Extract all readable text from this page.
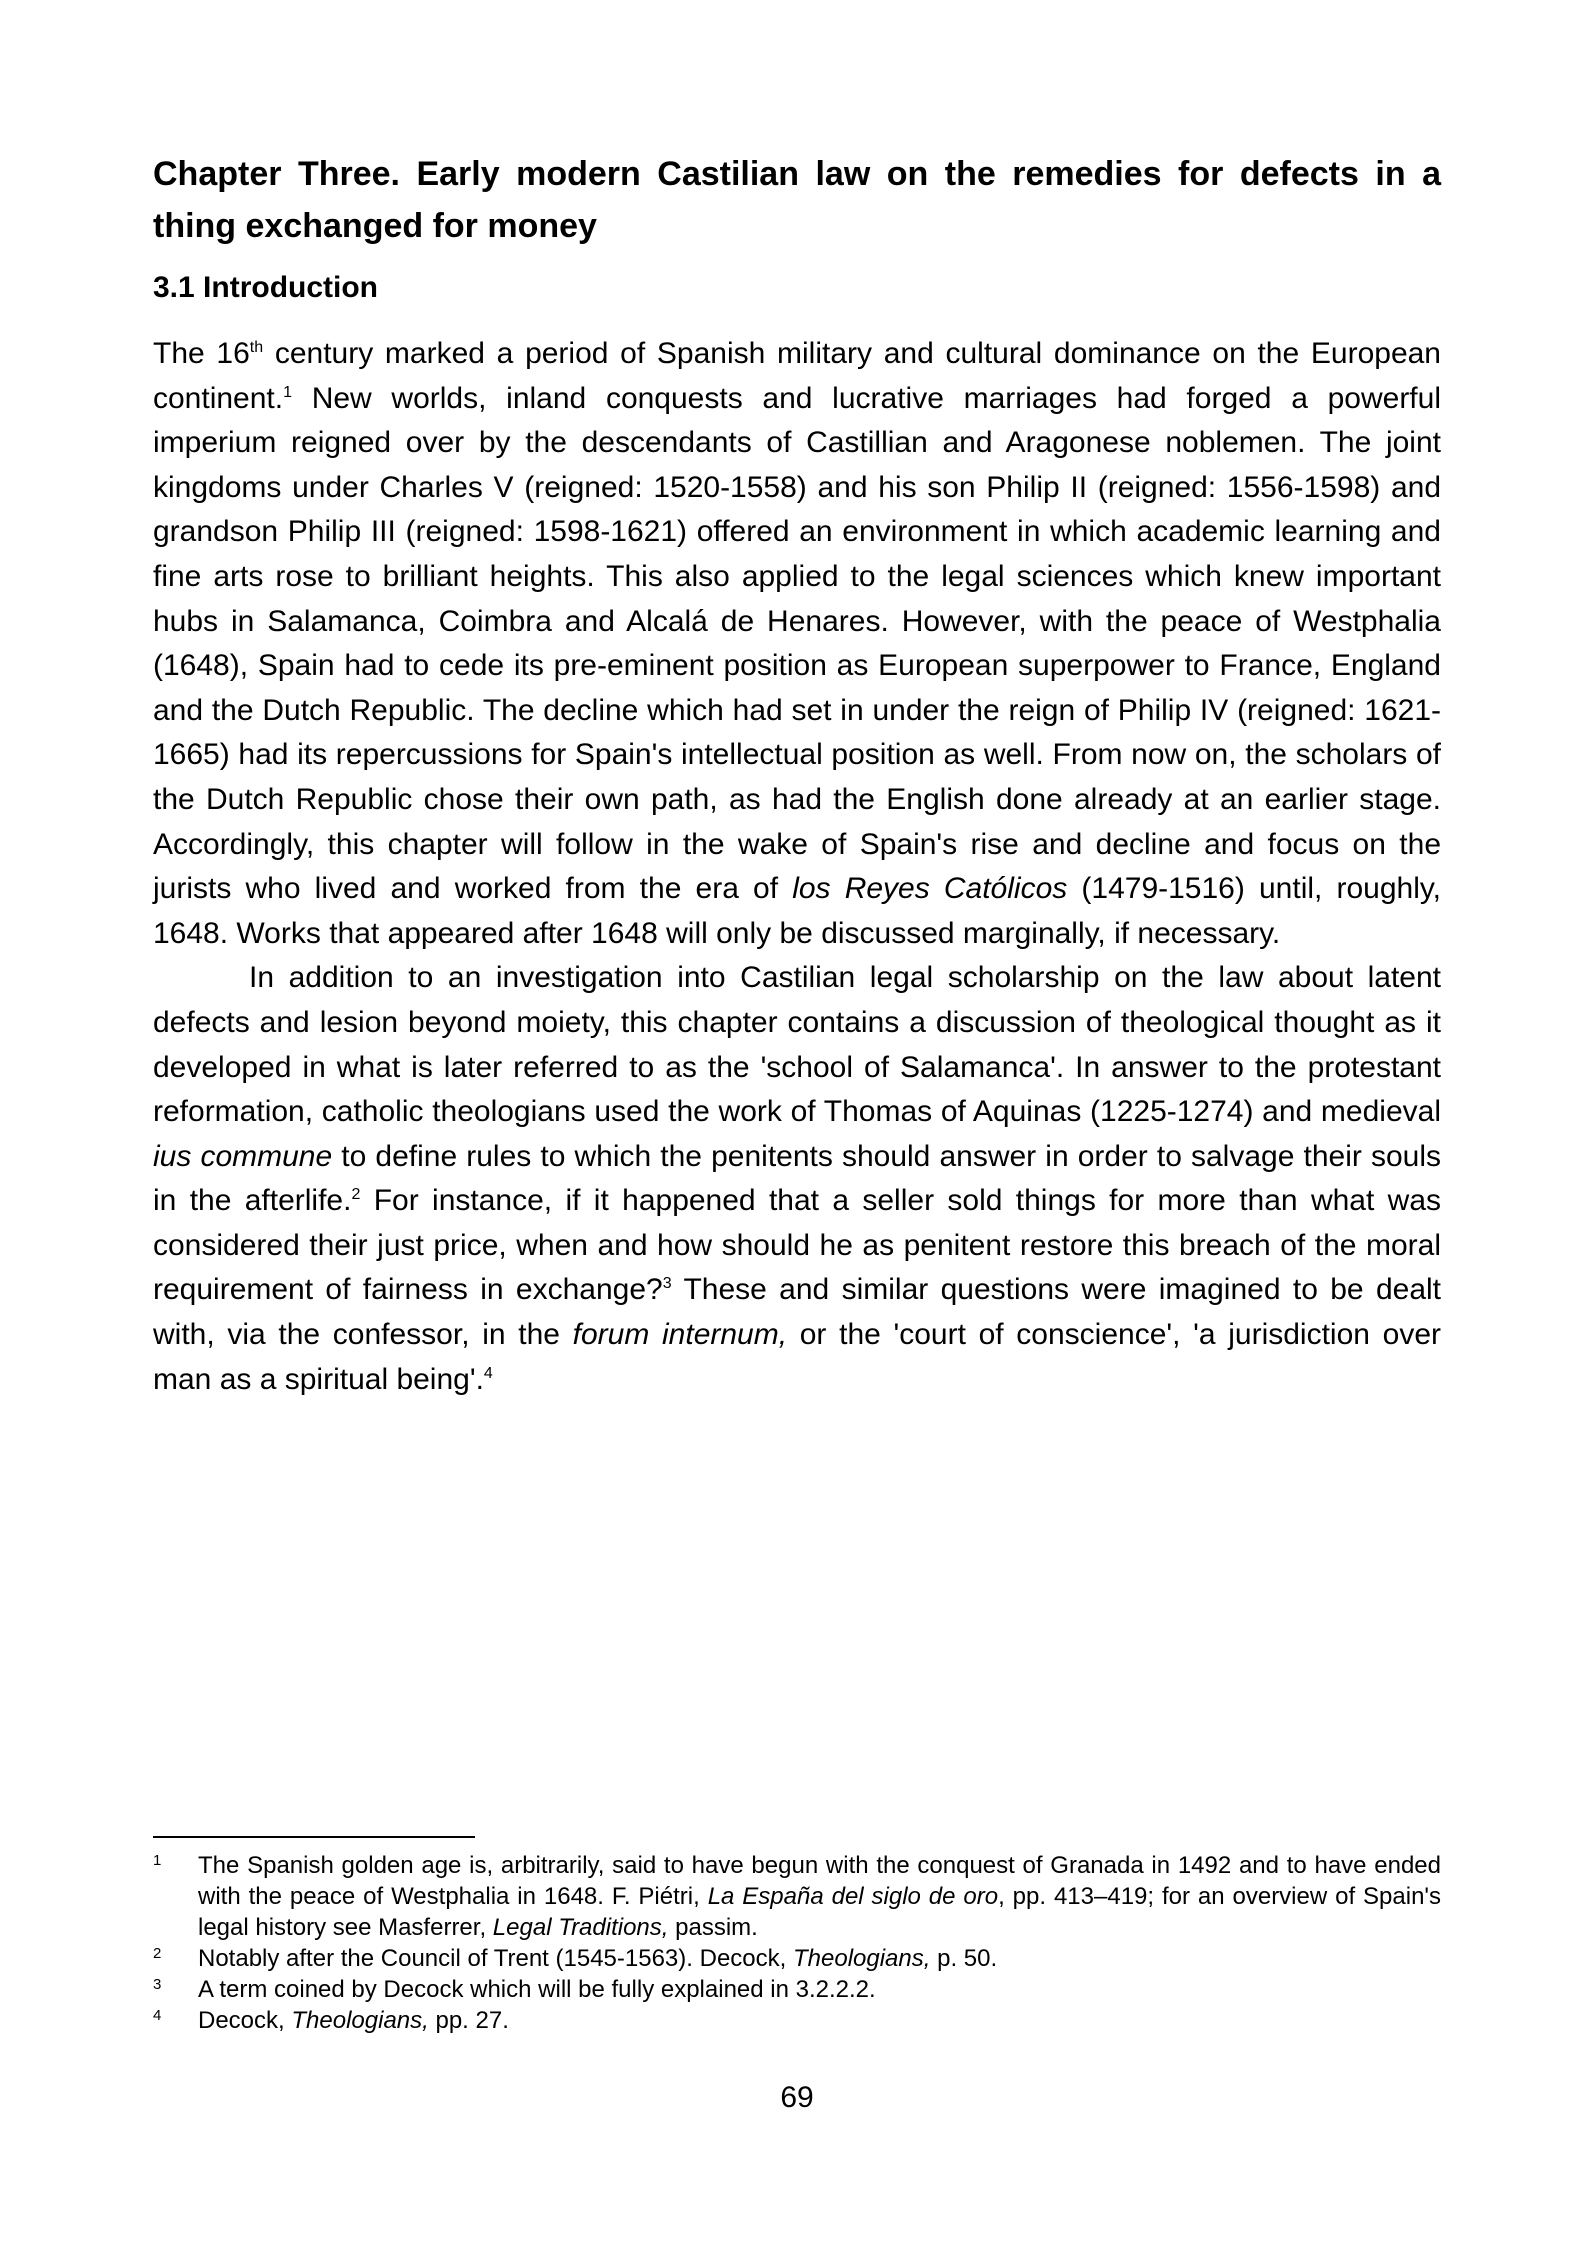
Chapter Three. Early modern Castilian law on the remedies for defects in a thing exchanged for money
3.1 Introduction

The 16th century marked a period of Spanish military and cultural dominance on the European continent.$^1$ New worlds, inland conquests and lucrative marriages had forged a powerful imperium reigned over by the descendants of Castillian and Aragonese noblemen. The joint kingdoms under Charles V (reigned: 1520-1558) and his son Philip II (reigned: 1556-1598) and grandson Philip III (reigned: 1598-1621) offered an environment in which academic learning and fine arts rose to brilliant heights. This also applied to the legal sciences which knew important hubs in Salamanca, Coimbra and Alcalá de Henares. However, with the peace of Westphalia (1648), Spain had to cede its pre-eminent position as European superpower to France, England and the Dutch Republic. The decline which had set in under the reign of Philip IV (reigned: 1621-1665) had its repercussions for Spain's intellectual position as well. From now on, the scholars of the Dutch Republic chose their own path, as had the English done already at an earlier stage. Accordingly, this chapter will follow in the wake of Spain's rise and decline and focus on the jurists who lived and worked from the era of los Reyes Católicos (1479-1516) until, roughly, 1648. Works that appeared after 1648 will only be discussed marginally, if necessary.

In addition to an investigation into Castilian legal scholarship on the law about latent defects and lesion beyond moiety, this chapter contains a discussion of theological thought as it developed in what is later referred to as the 'school of Salamanca'. In answer to the protestant reformation, catholic theologians used the work of Thomas of Aquinas (1225-1274) and medieval ius commune to define rules to which the penitents should answer in order to salvage their souls in the afterlife.$^2$ For instance, if it happened that a seller sold things for more than what was considered their just price, when and how should he as penitent restore this breach of the moral requirement of fairness in exchange?$^3$ These and similar questions were imagined to be dealt with, via the confessor, in the forum internum, or the 'court of conscience', 'a jurisdiction over man as a spiritual being'.$^4$

1	The Spanish golden age is, arbitrarily, said to have begun with the conquest of Granada in 1492 and to have ended with the peace of Westphalia in 1648. F. Piétri, La España del siglo de oro, pp. 413–419; for an overview of Spain's legal history see Masferrer, Legal Traditions, passim.
2	Notably after the Council of Trent (1545-1563). Decock, Theologians, p. 50.
3	A term coined by Decock which will be fully explained in 3.2.2.2.
4	Decock, Theologians, pp. 27.
69
